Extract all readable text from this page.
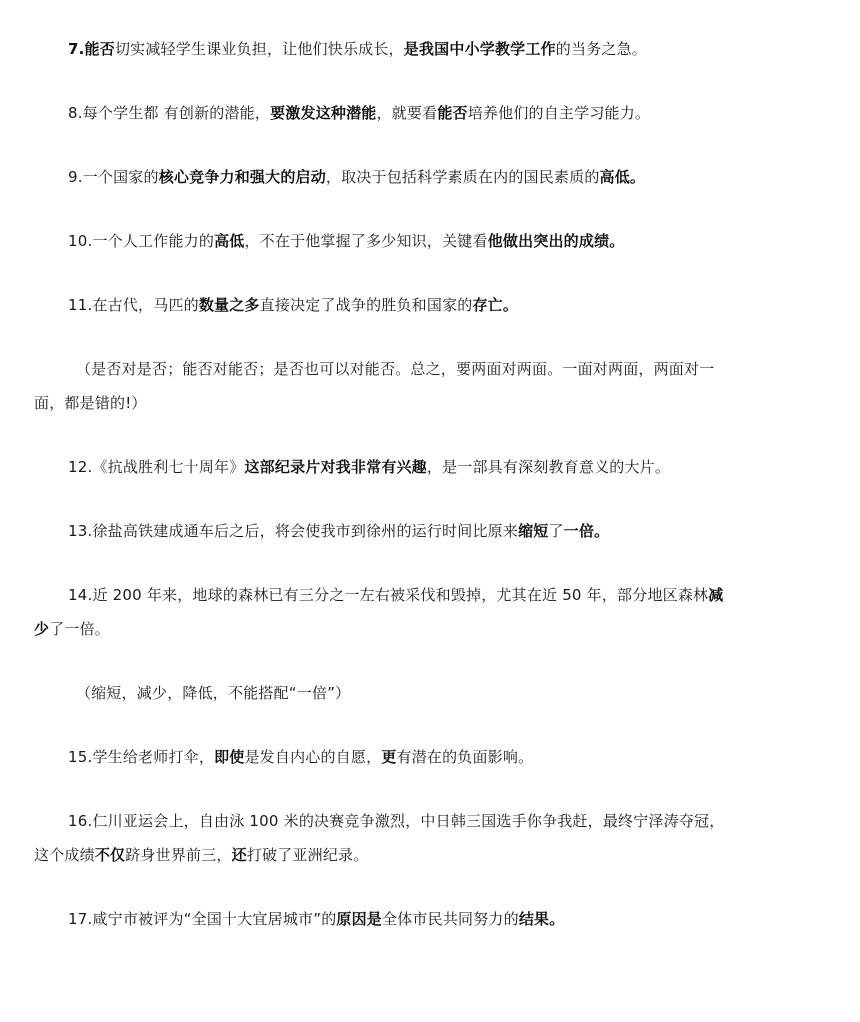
7.能否切实减轻学生课业负担，让他们快乐成长，是我国中小学教学工作的当务之急。

8.每个学生都 有创新的潜能，要激发这种潜能，就要看能否培养他们的自主学习能力。

9.一个国家的核心竞争力和强大的启动，取决于包括科学素质在内的国民素质的高低。

10.一个人工作能力的高低，不在于他掌握了多少知识，关键看他做出突出的成绩。

11.在古代，马匹的数量之多直接决定了战争的胜负和国家的存亡。

（是否对是否；能否对能否；是否也可以对能否。总之，要两面对两面。一面对两面，两面对一面，都是错的!）

12.《抗战胜利七十周年》这部纪录片对我非常有兴趣，是一部具有深刻教育意义的大片。

13.徐盐高铁建成通车后之后，将会使我市到徐州的运行时间比原来缩短了一倍。

14.近 200 年来，地球的森林已有三分之一左右被采伐和毁掉，尤其在近 50 年，部分地区森林减少了一倍。

（缩短，减少，降低，不能搭配“一倍”）

15.学生给老师打伞，即使是发自内心的自愿，更有潜在的负面影响。

16.仁川亚运会上，自由泳 100 米的决赛竞争激烈，中日韩三国选手你争我赶，最终宁泽涛夺冠，这个成绩不仅跻身世界前三，还打破了亚洲纪录。

17.咸宁市被评为“全国十大宜居城市”的原因是全体市民共同努力的结果。
